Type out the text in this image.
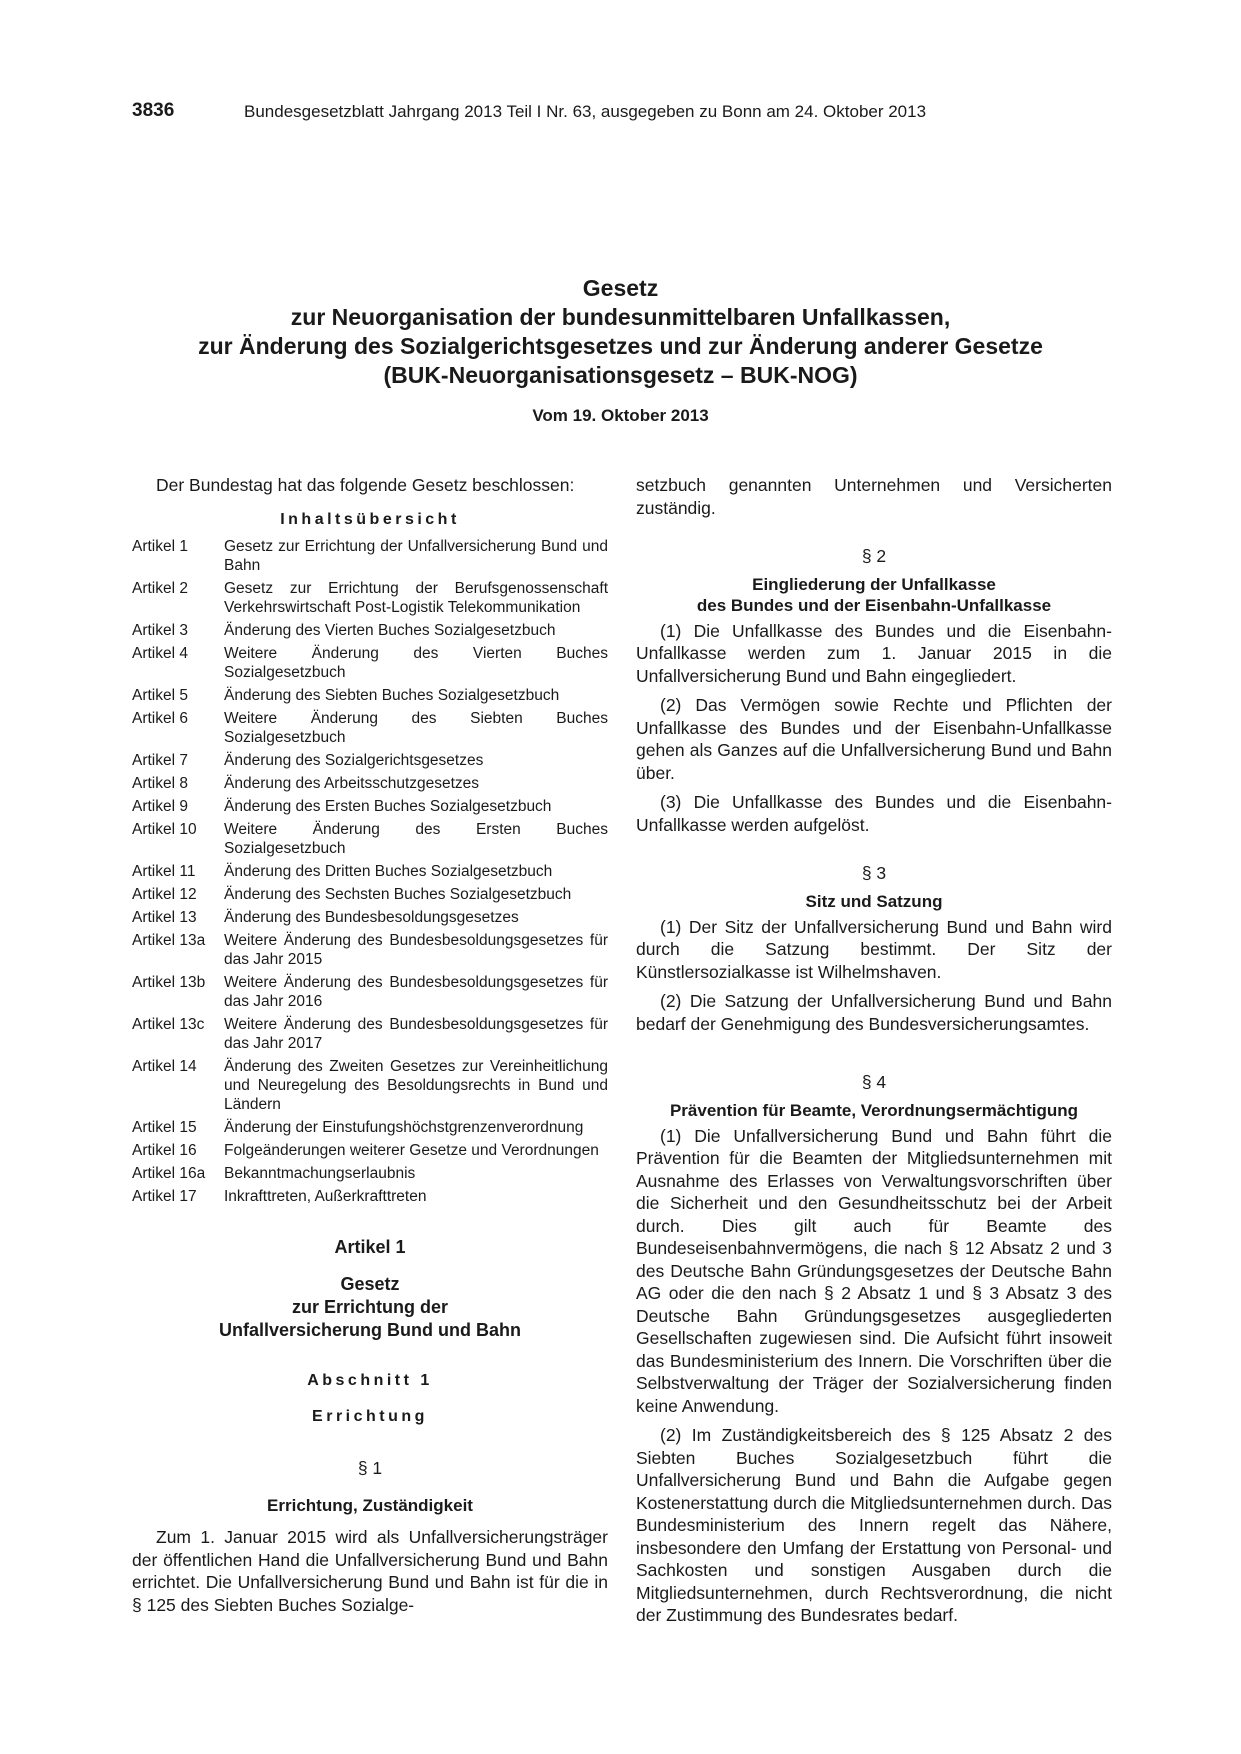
3836	Bundesgesetzblatt Jahrgang 2013 Teil I Nr. 63, ausgegeben zu Bonn am 24. Oktober 2013
Gesetz
zur Neuorganisation der bundesunmittelbaren Unfallkassen,
zur Änderung des Sozialgerichtsgesetzes und zur Änderung anderer Gesetze
(BUK-Neuorganisationsgesetz – BUK-NOG)
Vom 19. Oktober 2013

Der Bundestag hat das folgende Gesetz beschlossen:

Inhaltsübersicht
Artikel 1	Gesetz zur Errichtung der Unfallversicherung Bund und Bahn
Artikel 2	Gesetz zur Errichtung der Berufsgenossenschaft Verkehrswirtschaft Post-Logistik Telekommunikation
Artikel 3	Änderung des Vierten Buches Sozialgesetzbuch
Artikel 4	Weitere Änderung des Vierten Buches Sozialgesetzbuch
Artikel 5	Änderung des Siebten Buches Sozialgesetzbuch
Artikel 6	Weitere Änderung des Siebten Buches Sozialgesetzbuch
Artikel 7	Änderung des Sozialgerichtsgesetzes
Artikel 8	Änderung des Arbeitsschutzgesetzes
Artikel 9	Änderung des Ersten Buches Sozialgesetzbuch
Artikel 10	Weitere Änderung des Ersten Buches Sozialgesetzbuch
Artikel 11	Änderung des Dritten Buches Sozialgesetzbuch
Artikel 12	Änderung des Sechsten Buches Sozialgesetzbuch
Artikel 13	Änderung des Bundesbesoldungsgesetzes
Artikel 13a	Weitere Änderung des Bundesbesoldungsgesetzes für das Jahr 2015
Artikel 13b	Weitere Änderung des Bundesbesoldungsgesetzes für das Jahr 2016
Artikel 13c	Weitere Änderung des Bundesbesoldungsgesetzes für das Jahr 2017
Artikel 14	Änderung des Zweiten Gesetzes zur Vereinheitlichung und Neuregelung des Besoldungsrechts in Bund und Ländern
Artikel 15	Änderung der Einstufungshöchstgrenzenverordnung
Artikel 16	Folgeänderungen weiterer Gesetze und Verordnungen
Artikel 16a	Bekanntmachungserlaubnis
Artikel 17	Inkrafttreten, Außerkrafttreten
Artikel 1
Gesetz
zur Errichtung der
Unfallversicherung Bund und Bahn
Abschnitt 1
Errichtung
§ 1
Errichtung, Zuständigkeit

Zum 1. Januar 2015 wird als Unfallversicherungsträger der öffentlichen Hand die Unfallversicherung Bund und Bahn errichtet. Die Unfallversicherung Bund und Bahn ist für die in § 125 des Siebten Buches Sozialge-

setzbuch genannten Unternehmen und Versicherten zuständig.

§ 2
Eingliederung der Unfallkasse
des Bundes und der Eisenbahn-Unfallkasse

(1) Die Unfallkasse des Bundes und die Eisenbahn-Unfallkasse werden zum 1. Januar 2015 in die Unfallversicherung Bund und Bahn eingegliedert.

(2) Das Vermögen sowie Rechte und Pflichten der Unfallkasse des Bundes und der Eisenbahn-Unfallkasse gehen als Ganzes auf die Unfallversicherung Bund und Bahn über.

(3) Die Unfallkasse des Bundes und die Eisenbahn-Unfallkasse werden aufgelöst.

§ 3
Sitz und Satzung

(1) Der Sitz der Unfallversicherung Bund und Bahn wird durch die Satzung bestimmt. Der Sitz der Künstlersozialkasse ist Wilhelmshaven.

(2) Die Satzung der Unfallversicherung Bund und Bahn bedarf der Genehmigung des Bundesversicherungsamtes.

§ 4
Prävention für Beamte, Verordnungsermächtigung

(1) Die Unfallversicherung Bund und Bahn führt die Prävention für die Beamten der Mitgliedsunternehmen mit Ausnahme des Erlasses von Verwaltungsvorschriften über die Sicherheit und den Gesundheitsschutz bei der Arbeit durch. Dies gilt auch für Beamte des Bundeseisenbahnvermögens, die nach § 12 Absatz 2 und 3 des Deutsche Bahn Gründungsgesetzes der Deutsche Bahn AG oder die den nach § 2 Absatz 1 und § 3 Absatz 3 des Deutsche Bahn Gründungsgesetzes ausgegliederten Gesellschaften zugewiesen sind. Die Aufsicht führt insoweit das Bundesministerium des Innern. Die Vorschriften über die Selbstverwaltung der Träger der Sozialversicherung finden keine Anwendung.

(2) Im Zuständigkeitsbereich des § 125 Absatz 2 des Siebten Buches Sozialgesetzbuch führt die Unfallversicherung Bund und Bahn die Aufgabe gegen Kostenerstattung durch die Mitgliedsunternehmen durch. Das Bundesministerium des Innern regelt das Nähere, insbesondere den Umfang der Erstattung von Personal- und Sachkosten und sonstigen Ausgaben durch die Mitgliedsunternehmen, durch Rechtsverordnung, die nicht der Zustimmung des Bundesrates bedarf.
